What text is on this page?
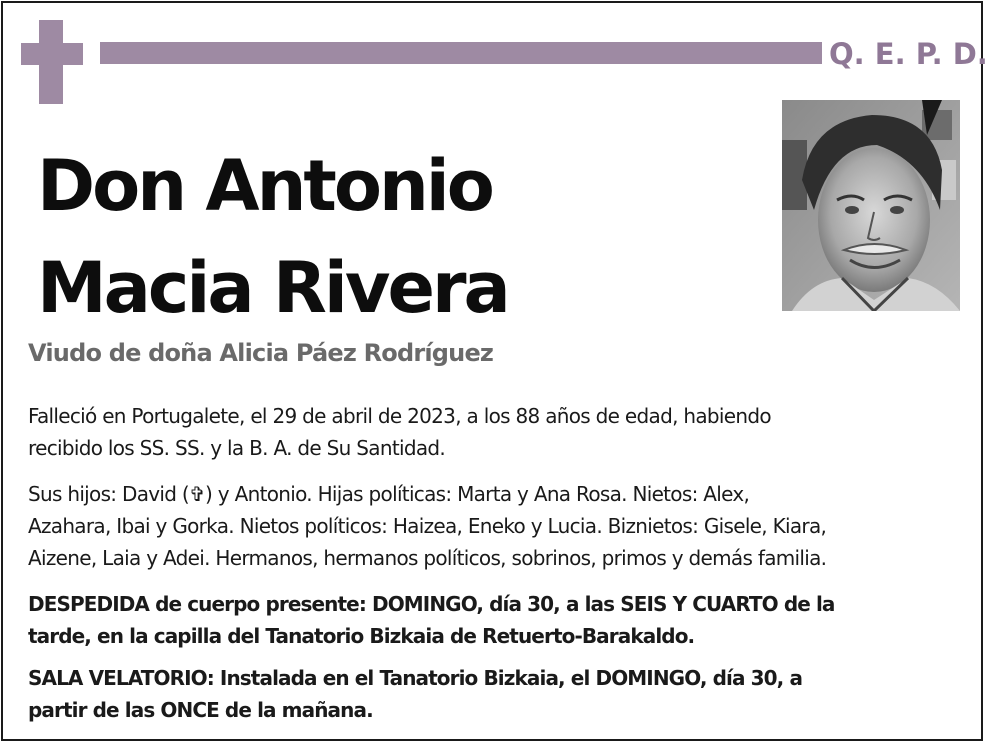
Q. E. P. D.
Don Antonio
Macia Rivera
Viudo de doña Alicia Páez Rodríguez
Falleció en Portugalete, el 29 de abril de 2023, a los 88 años de edad, habiendo
recibido los SS. SS. y la B. A. de Su Santidad.
Sus hijos: David (✞) y Antonio. Hijas políticas: Marta y Ana Rosa. Nietos: Alex,
Azahara, Ibai y Gorka. Nietos políticos: Haizea, Eneko y Lucia. Biznietos: Gisele, Kiara,
Aizene, Laia y Adei. Hermanos, hermanos políticos, sobrinos, primos y demás familia.
DESPEDIDA de cuerpo presente: DOMINGO, día 30, a las SEIS Y CUARTO de la
tarde, en la capilla del Tanatorio Bizkaia de Retuerto-Barakaldo.
SALA VELATORIO: Instalada en el Tanatorio Bizkaia, el DOMINGO, día 30, a
partir de las ONCE de la mañana.
